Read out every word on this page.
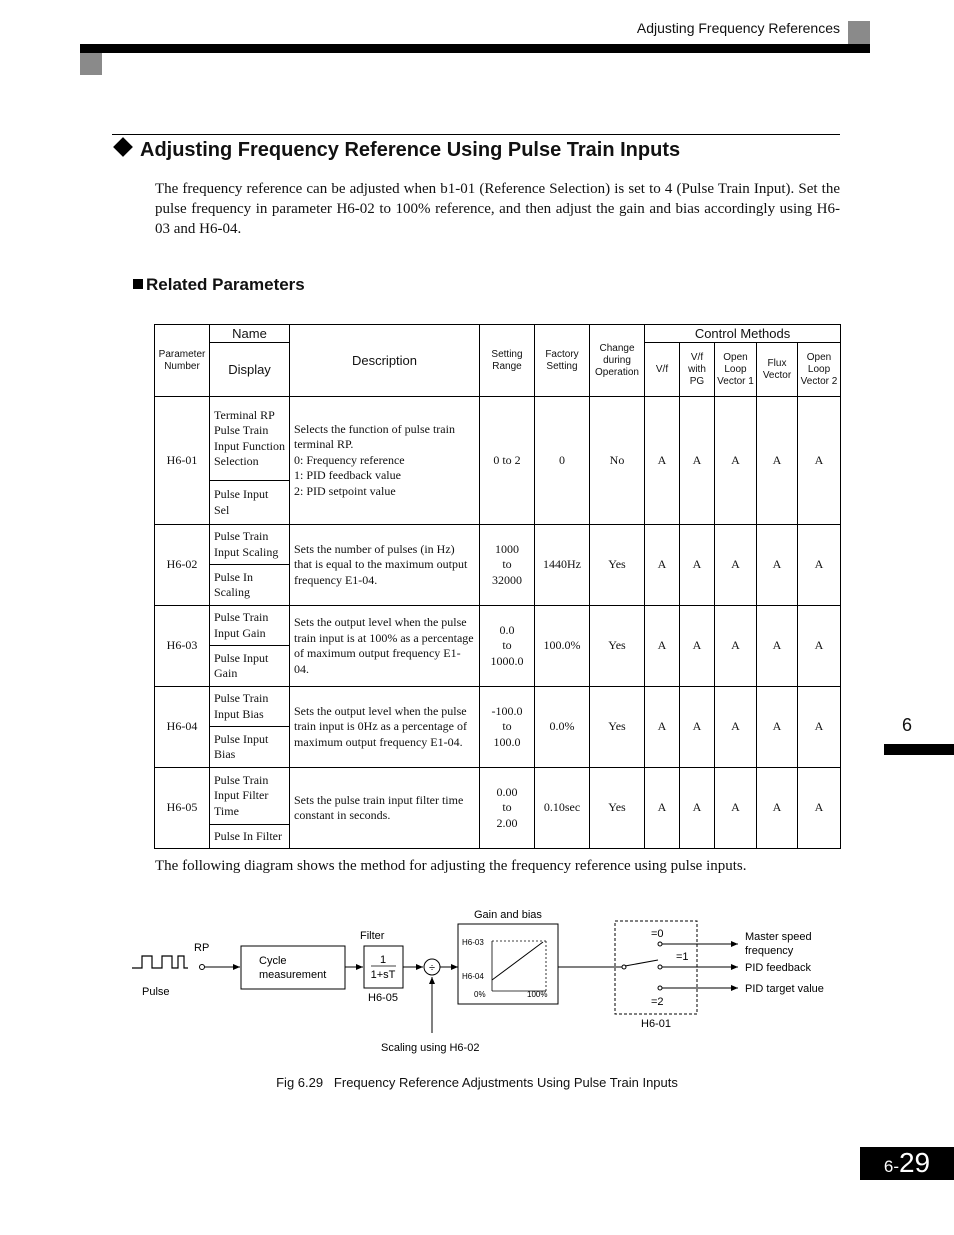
Adjusting Frequency References
Adjusting Frequency Reference Using Pulse Train Inputs

The frequency reference can be adjusted when b1-01 (Reference Selection) is set to 4 (Pulse Train Input). Set the pulse frequency in parameter H6-02 to 100% reference, and then adjust the gain and bias accordingly using H6-03 and H6-04.

Related Parameters
Parameter Number	Name	Description	Setting Range	Factory Setting	Change during Operation	Control Methods				
	Display					V/f	V/f with PG	Open Loop Vector 1	Flux Vector	Open Loop Vector 2
H6-01	Terminal RP Pulse Train Input Function Selection	Selects the function of pulse train terminal RP.
0: Frequency reference
1: PID feedback value
2: PID setpoint value	0 to 2	0	No	A	A	A	A	A
	Pulse Input Sel									
H6-02	Pulse Train Input Scaling	Sets the number of pulses (in Hz) that is equal to the maximum output frequency E1-04.	1000
to
32000	1440Hz	Yes	A	A	A	A	A
	Pulse In Scaling									
H6-03	Pulse Train Input Gain	Sets the output level when the pulse train input is at 100% as a percentage of maximum output frequency E1-04.	0.0
to
1000.0	100.0%	Yes	A	A	A	A	A
	Pulse Input Gain									
H6-04	Pulse Train Input Bias	Sets the output level when the pulse train input is 0Hz as a percentage of maximum output frequency E1-04.	-100.0
to
100.0	0.0%	Yes	A	A	A	A	A
	Pulse Input Bias									
H6-05	Pulse Train Input Filter Time	Sets the pulse train input filter time constant in seconds.	0.00
to
2.00	0.10sec	Yes	A	A	A	A	A
	Pulse In Filter									

The following diagram shows the method for adjusting the frequency reference using pulse inputs.

Pulse
RP
Cycle
measurement
Filter
1
1+sT
H6-05
÷
Scaling using H6-02
Gain and bias
H6-03
H6-04
0%	100%
=0
=1
=2
H6-01
Master speed
frequency
PID feedback
PID target value
Fig 6.29   Frequency Reference Adjustments Using Pulse Train Inputs
6
6-29
